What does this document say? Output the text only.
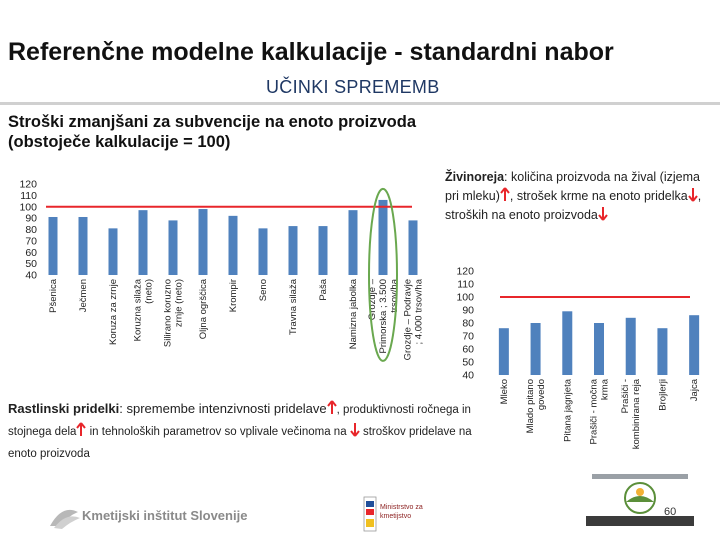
Referenčne modelne kalkulacije - standardni nabor
UČINKI SPREMEMB
Stroški zmanjšani za subvencije na enoto proizvoda (obstoječe kalkulacije = 100)
120
110
100
90
80
70
60
50
40
Pšenica Ječmen Koruza za zrnje Koruzna silaža(neto) Silirano koruznozrnje (neto) Oljna ogrščica Krompir Seno Travna silaža Paša Namizna jabolka Grozdje –Primorska ; 3.500trsov/ha Grozdje – Podravje; 4.000 trsov/ha
120
110
100
90
80
70
60
50
40
Mleko Mlado pitanogovedo Pitana jagnjeta Prašiči - močnakrma Prašiči -kombinirana reja Brojlerji Jajca
Živinoreja: količina proizvoda na žival (izjema pri mleku) , strošek krme na enoto pridelka , stroških na enoto proizvoda
Rastlinski pridelki: spremembe intenzivnosti pridelave , produktivnosti ročnega in stojnega dela in tehnoloških parametrov so vplivale večinoma na  stroškov pridelave na enoto proizvoda
Kmetijski inštitut Slovenije
Ministrstvo za kmetijstvo	60
